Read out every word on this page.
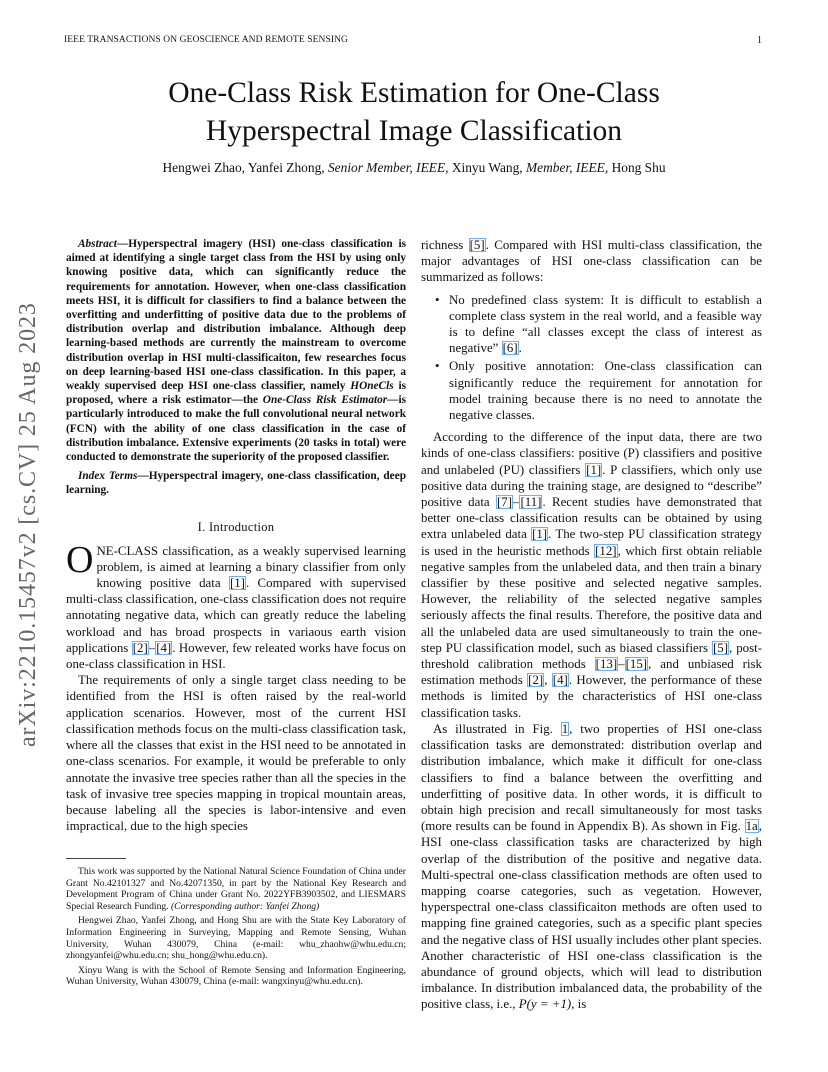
IEEE TRANSACTIONS ON GEOSCIENCE AND REMOTE SENSING	1
One-Class Risk Estimation for One-Class
Hyperspectral Image Classification
Hengwei Zhao, Yanfei Zhong, Senior Member, IEEE, Xinyu Wang, Member, IEEE, Hong Shu
arXiv:2210.15457v2 [cs.CV] 25 Aug 2023

Abstract—Hyperspectral imagery (HSI) one-class classification is aimed at identifying a single target class from the HSI by using only knowing positive data, which can significantly reduce the requirements for annotation. However, when one-class classification meets HSI, it is difficult for classifiers to find a balance between the overfitting and underfitting of positive data due to the problems of distribution overlap and distribution imbalance. Although deep learning-based methods are currently the mainstream to overcome distribution overlap in HSI multi-classificaiton, few researches focus on deep learning-based HSI one-class classification. In this paper, a weakly supervised deep HSI one-class classifier, namely HOneCls is proposed, where a risk estimator—the One-Class Risk Estimator—is particularly introduced to make the full convolutional neural network (FCN) with the ability of one class classification in the case of distribution imbalance. Extensive experiments (20 tasks in total) were conducted to demonstrate the superiority of the proposed classifier.

Index Terms—Hyperspectral imagery, one-class classification, deep learning.

I. Introduction

ONE-CLASS classification, as a weakly supervised learning problem, is aimed at learning a binary classifier from only knowing positive data [1]. Compared with supervised multi-class classification, one-class classification does not require annotating negative data, which can greatly reduce the labeling workload and has broad prospects in variaous earth vision applications [2]–[4]. However, few releated works have focus on one-class classification in HSI.

The requirements of only a single target class needing to be identified from the HSI is often raised by the real-world application scenarios. However, most of the current HSI classification methods focus on the multi-class classification task, where all the classes that exist in the HSI need to be annotated in one-class scenarios. For example, it would be preferable to only annotate the invasive tree species rather than all the species in the task of invasive tree species mapping in tropical mountain areas, because labeling all the species is labor-intensive and even impractical, due to the high species

This work was supported by the National Natural Science Foundation of China under Grant No.42101327 and No.42071350, in part by the National Key Research and Development Program of China under Grant No. 2022YFB3903502, and LIESMARS Special Research Funding. (Corresponding author: Yanfei Zhong)

Hengwei Zhao, Yanfei Zhong, and Hong Shu are with the State Key Laboratory of Information Engineering in Surveying, Mapping and Remote Sensing, Wuhan University, Wuhan 430079, China (e-mail: whu_zhaohw@whu.edu.cn; zhongyanfei@whu.edu.cn; shu_hong@whu.edu.cn).

Xinyu Wang is with the School of Remote Sensing and Information Engineering, Wuhan University, Wuhan 430079, China (e-mail: wangxinyu@whu.edu.cn).

richness [5]. Compared with HSI multi-class classification, the major advantages of HSI one-class classification can be summarized as follows:

• No predefined class system: It is difficult to establish a complete class system in the real world, and a feasible way is to define “all classes except the class of interest as negative” [6].
• Only positive annotation: One-class classification can significantly reduce the requirement for annotation for model training because there is no need to annotate the negative classes.

According to the difference of the input data, there are two kinds of one-class classifiers: positive (P) classifiers and positive and unlabeled (PU) classifiers [1]. P classifiers, which only use positive data during the training stage, are designed to “describe” positive data [7]–[11]. Recent studies have demonstrated that better one-class classification results can be obtained by using extra unlabeled data [1]. The two-step PU classification strategy is used in the heuristic methods [12], which first obtain reliable negative samples from the unlabeled data, and then train a binary classifier by these positive and selected negative samples. However, the reliability of the selected negative samples seriously affects the final results. Therefore, the positive data and all the unlabeled data are used simultaneously to train the one-step PU classification model, such as biased classifiers [5], post-threshold calibration methods [13]–[15], and unbiased risk estimation methods [2], [4]. However, the performance of these methods is limited by the characteristics of HSI one-class classification tasks.

As illustrated in Fig. 1, two properties of HSI one-class classification tasks are demonstrated: distribution overlap and distribution imbalance, which make it difficult for one-class classifiers to find a balance between the overfitting and underfitting of positive data. In other words, it is difficult to obtain high precision and recall simultaneously for most tasks (more results can be found in Appendix B). As shown in Fig. 1a, HSI one-class classification tasks are characterized by high overlap of the distribution of the positive and negative data. Multi-spectral one-class classification methods are often used to mapping coarse categories, such as vegetation. However, hyperspectral one-class classificaiton methods are often used to mapping fine grained categories, such as a specific plant species and the negative class of HSI usually includes other plant species. Another characteristic of HSI one-class classification is the abundance of ground objects, which will lead to distribution imbalance. In distribution imbalanced data, the probability of the positive class, i.e., P(y = +1), is
